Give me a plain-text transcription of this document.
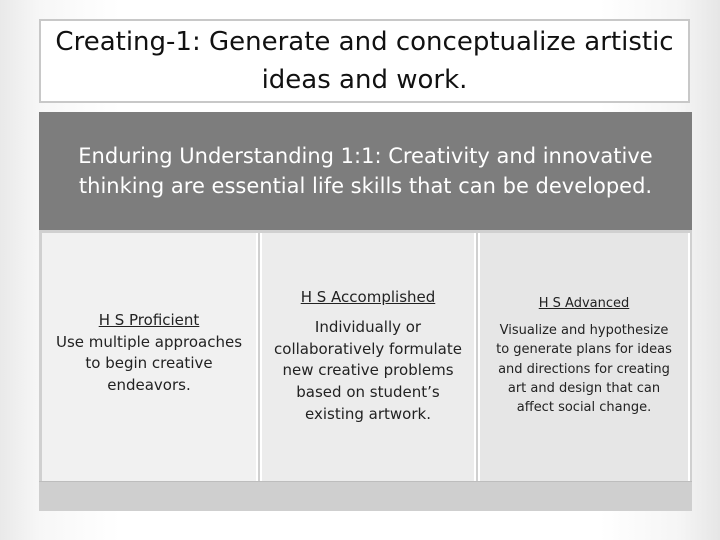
Creating-1: Generate and conceptualize artistic
ideas and work.
Enduring Understanding 1:1: Creativity and innovative
thinking are essential life skills that can be developed.
H S Proficient
Use multiple approaches
to begin creative
endeavors.
H S Accomplished
Individually or
collaboratively formulate
new creative problems
based on student’s
existing artwork.
H S Advanced
Visualize and hypothesize
to generate plans for ideas
and directions for creating
art and design that can
affect social change.
